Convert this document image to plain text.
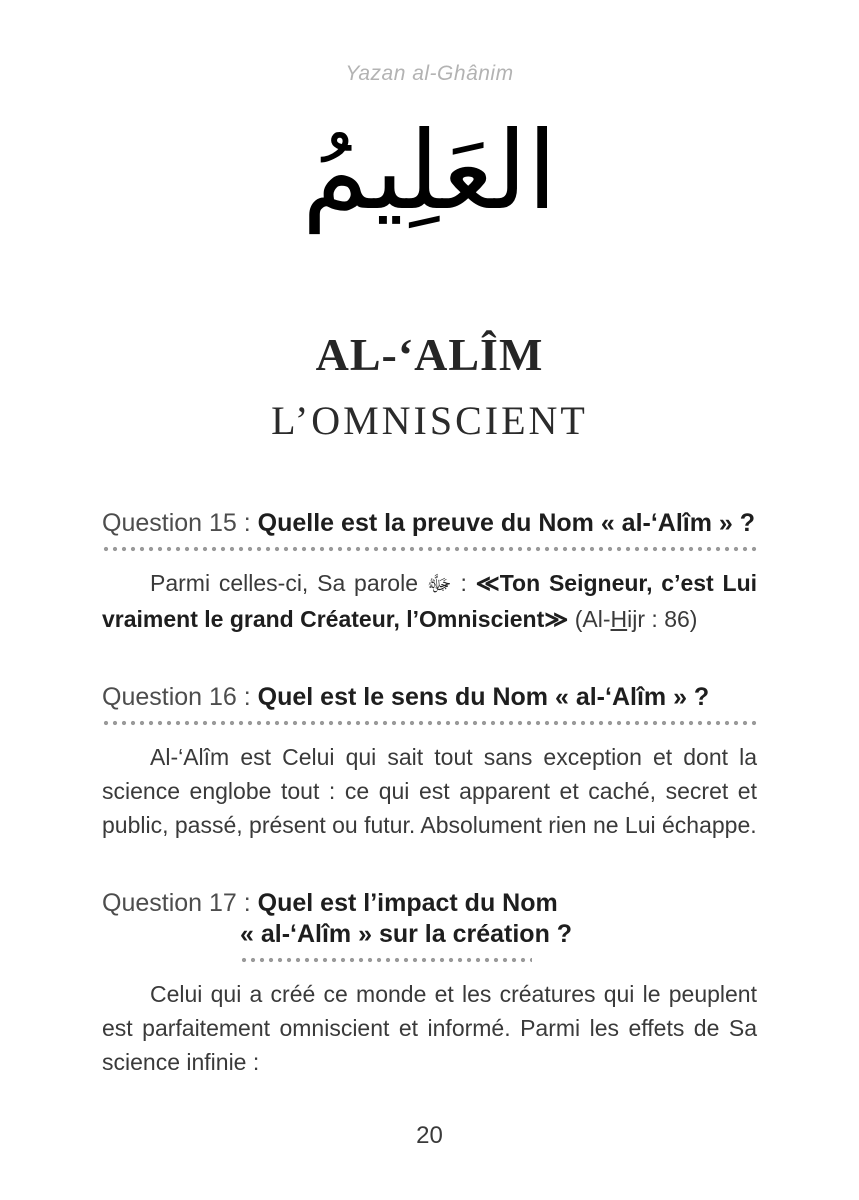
Yazan al-Ghânim
العَلِيمُ
AL-‘ALÎM
L’OMNISCIENT
Question 15 : Quelle est la preuve du Nom « al-‘Alîm » ?

Parmi celles-ci, Sa parole ﷻ : ≪Ton Seigneur, c’est Lui vraiment le grand Créateur, l’Omniscient≫ (Al-Hijr : 86)

Question 16 : Quel est le sens du Nom « al-‘Alîm » ?

Al-‘Alîm est Celui qui sait tout sans exception et dont la science englobe tout : ce qui est apparent et caché, secret et public, passé, présent ou futur. Absolument rien ne Lui échappe.

Question 17 : Quel est l’impact du Nom
« al-‘Alîm » sur la création ?

Celui qui a créé ce monde et les créatures qui le peuplent est parfaitement omniscient et informé. Parmi les effets de Sa science infinie :

20
